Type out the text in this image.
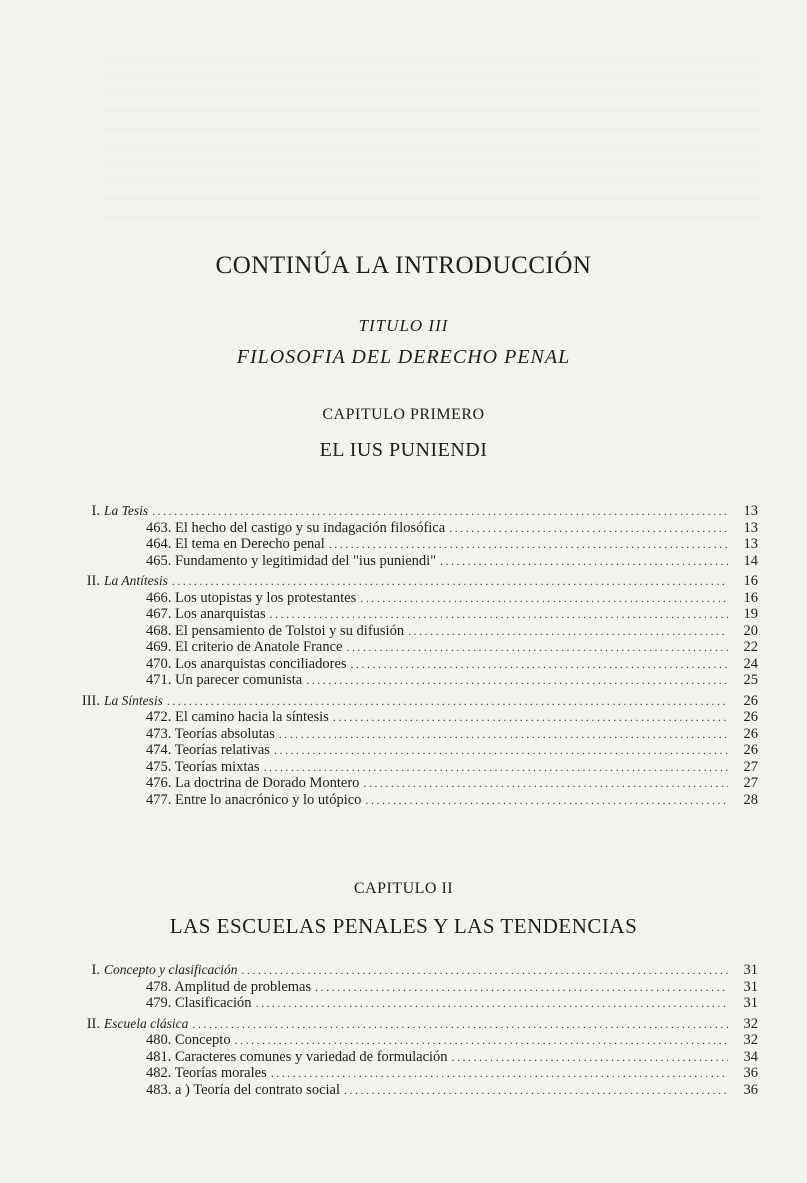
CONTINÚA LA INTRODUCCIÓN
TITULO III
FILOSOFIA DEL DERECHO PENAL
CAPITULO PRIMERO
EL IUS PUNIENDI
I. La Tesis .....	13
463. El hecho del castigo y su indagación filosófica .....	13
464. El tema en Derecho penal .....	13
465. Fundamento y legitimidad del "ius puniendi" .....	14
II. La Antítesis .....	16
466. Los utopistas y los protestantes .....	16
467. Los anarquistas .....	19
468. El pensamiento de Tolstoi y su difusión .....	20
469. El criterio de Anatole France .....	22
470. Los anarquistas conciliadores .....	24
471. Un parecer comunista .....	25
III. La Síntesis .....	26
472. El camino hacia la síntesis .....	26
473. Teorías absolutas .....	26
474. Teorías relativas .....	26
475. Teorías mixtas .....	27
476. La doctrina de Dorado Montero .....	27
477. Entre lo anacrónico y lo utópico .....	28
CAPITULO II
LAS ESCUELAS PENALES Y LAS TENDENCIAS
I. Concepto y clasificación .....	31
478. Amplitud de problemas .....	31
479. Clasificación .....	31
II. Escuela clásica .....	32
480. Concepto .....	32
481. Caracteres comunes y variedad de formulación .....	34
482. Teorías morales .....	36
483. a ) Teoría del contrato social .....	36
